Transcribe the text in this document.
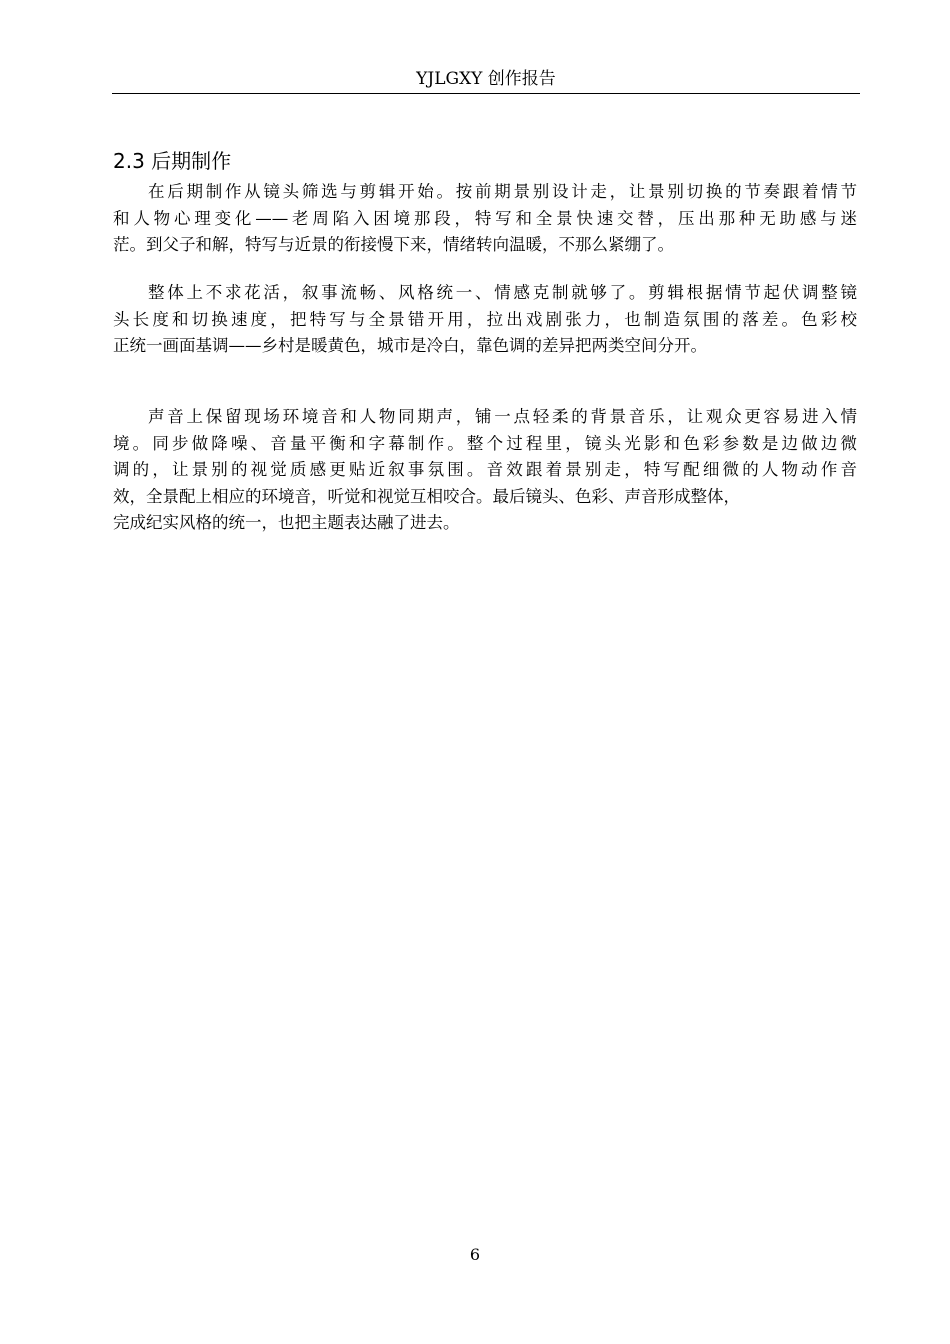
YJLGXY 创作报告
2.3 后期制作
在后期制作从镜头筛选与剪辑开始。按前期景别设计走，让景别切换的节奏跟着情节
和人物心理变化——老周陷入困境那段，特写和全景快速交替，压出那种无助感与迷
茫。到父子和解，特写与近景的衔接慢下来，情绪转向温暖，不那么紧绷了。
整体上不求花活，叙事流畅、风格统一、情感克制就够了。剪辑根据情节起伏调整镜
头长度和切换速度，把特写与全景错开用，拉出戏剧张力，也制造氛围的落差。色彩校
正统一画面基调——乡村是暖黄色，城市是冷白，靠色调的差异把两类空间分开。
声音上保留现场环境音和人物同期声，铺一点轻柔的背景音乐，让观众更容易进入情
境。同步做降噪、音量平衡和字幕制作。整个过程里，镜头光影和色彩参数是边做边微
调的，让景别的视觉质感更贴近叙事氛围。音效跟着景别走，特写配细微的人物动作音
效，全景配上相应的环境音，听觉和视觉互相咬合。最后镜头、色彩、声音形成整体，
完成纪实风格的统一，也把主题表达融了进去。
6
